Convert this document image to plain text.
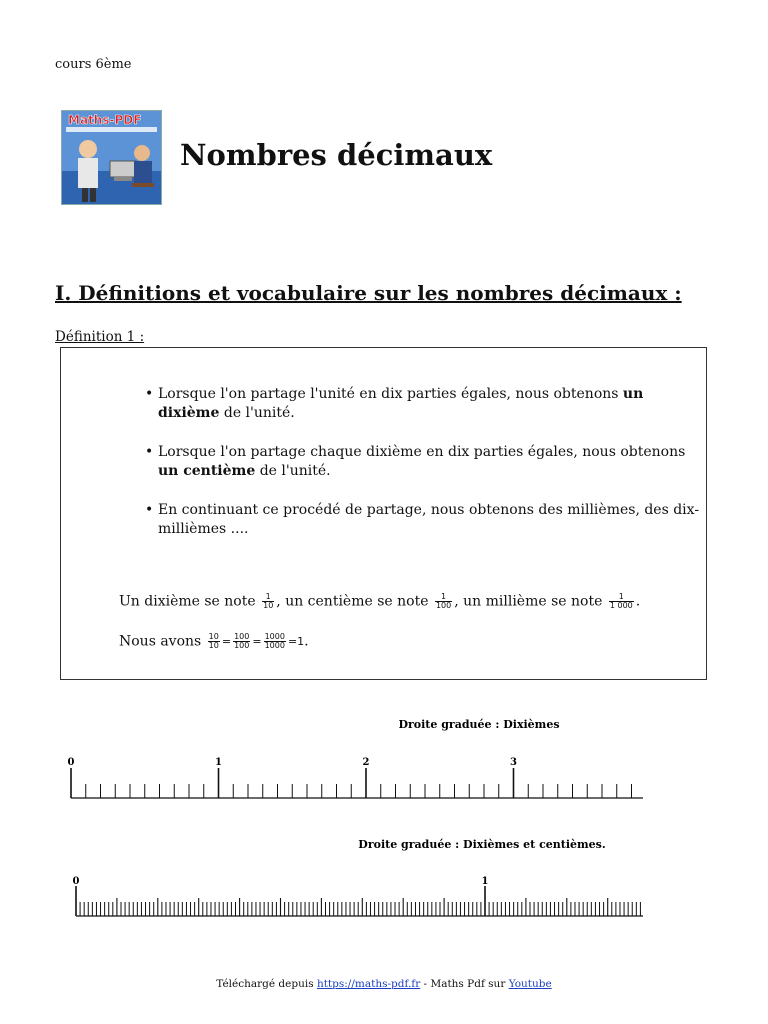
cours 6ème
Maths-PDF
Nombres décimaux
I. Définitions et vocabulaire sur les nombres décimaux :
Définition 1 :
• Lorsque l'on partage l'unité en dix parties égales, nous obtenons un dixième de l'unité.
• Lorsque l'on partage chaque dixième en dix parties égales, nous obtenons un centième de l'unité.
• En continuant ce procédé de partage, nous obtenons des millièmes, des dix-millièmes ....
Un dixième se note $\frac{1}{10}$ , un centième se note $\frac{1}{100}$ , un millième se note $\frac{1}{1 000}$ .
Nous avons $\frac{10}{10} = \frac{100}{100} = \frac{1000}{1000} =1$.
Droite graduée : Dixièmes
0	1	2	3
Droite graduée : Dixièmes et centièmes.
0	1
Téléchargé depuis https://maths-pdf.fr - Maths Pdf sur Youtube
